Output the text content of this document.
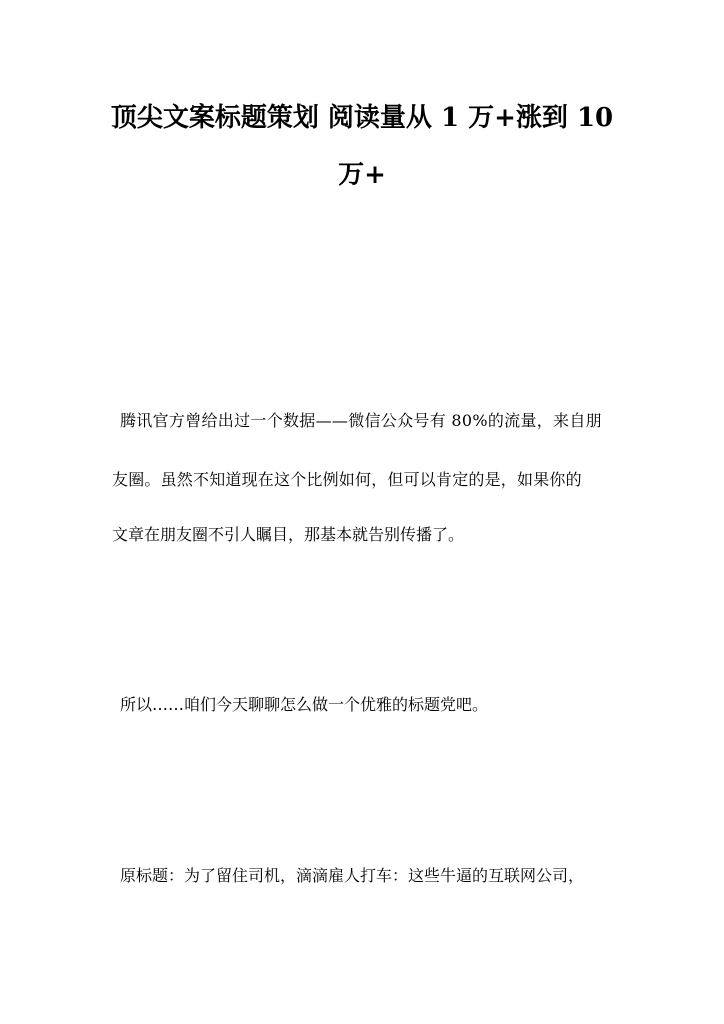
顶尖文案标题策划 阅读量从 1 万+涨到 10
万+

腾讯官方曾给出过一个数据——微信公众号有 80%的流量，来自朋

友圈。虽然不知道现在这个比例如何，但可以肯定的是，如果你的

文章在朋友圈不引人瞩目，那基本就告别传播了。

所以……咱们今天聊聊怎么做一个优雅的标题党吧。

原标题：为了留住司机，滴滴雇人打车：这些牛逼的互联网公司，
